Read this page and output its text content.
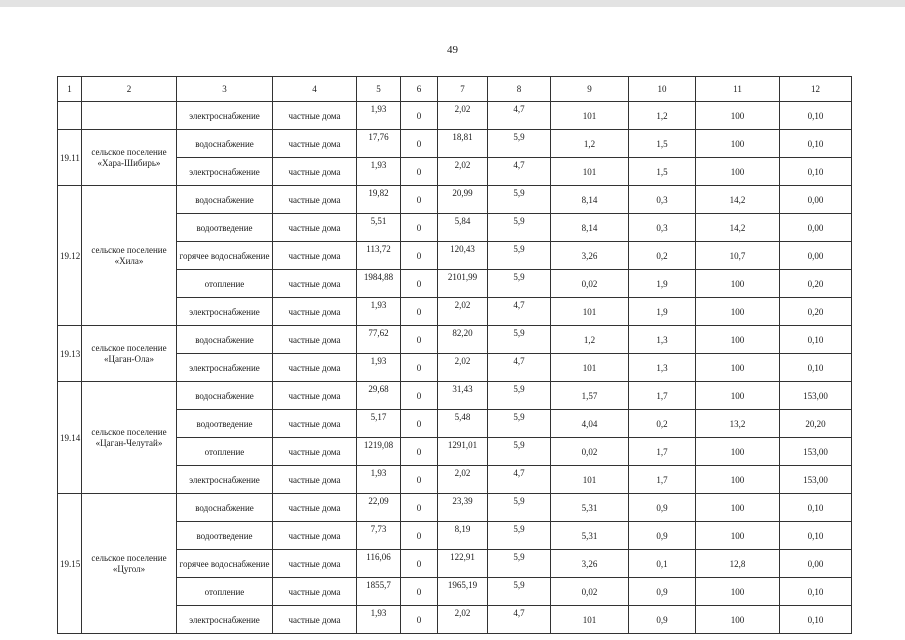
49
1	2	3	4	5	6	7	8	9	10	11	12
		электроснабжение	частные дома	1,93	0	2,02	4,7	101	1,2	100	0,10
19.11	сельское поселение «Хара-Шибирь»	водоснабжение	частные дома	17,76	0	18,81	5,9	1,2	1,5	100	0,10
		электроснабжение	частные дома	1,93	0	2,02	4,7	101	1,5	100	0,10
19.12	сельское поселение «Хила»	водоснабжение	частные дома	19,82	0	20,99	5,9	8,14	0,3	14,2	0,00
		водоотведение	частные дома	5,51	0	5,84	5,9	8,14	0,3	14,2	0,00
		горячее водоснабжение	частные дома	113,72	0	120,43	5,9	3,26	0,2	10,7	0,00
		отопление	частные дома	1984,88	0	2101,99	5,9	0,02	1,9	100	0,20
		электроснабжение	частные дома	1,93	0	2,02	4,7	101	1,9	100	0,20
19.13	сельское поселение «Цаган-Ола»	водоснабжение	частные дома	77,62	0	82,20	5,9	1,2	1,3	100	0,10
		электроснабжение	частные дома	1,93	0	2,02	4,7	101	1,3	100	0,10
19.14	сельское поселение «Цаган-Челутай»	водоснабжение	частные дома	29,68	0	31,43	5,9	1,57	1,7	100	153,00
		водоотведение	частные дома	5,17	0	5,48	5,9	4,04	0,2	13,2	20,20
		отопление	частные дома	1219,08	0	1291,01	5,9	0,02	1,7	100	153,00
		электроснабжение	частные дома	1,93	0	2,02	4,7	101	1,7	100	153,00
19.15	сельское поселение «Цугол»	водоснабжение	частные дома	22,09	0	23,39	5,9	5,31	0,9	100	0,10
		водоотведение	частные дома	7,73	0	8,19	5,9	5,31	0,9	100	0,10
		горячее водоснабжение	частные дома	116,06	0	122,91	5,9	3,26	0,1	12,8	0,00
		отопление	частные дома	1855,7	0	1965,19	5,9	0,02	0,9	100	0,10
		электроснабжение	частные дома	1,93	0	2,02	4,7	101	0,9	100	0,10
